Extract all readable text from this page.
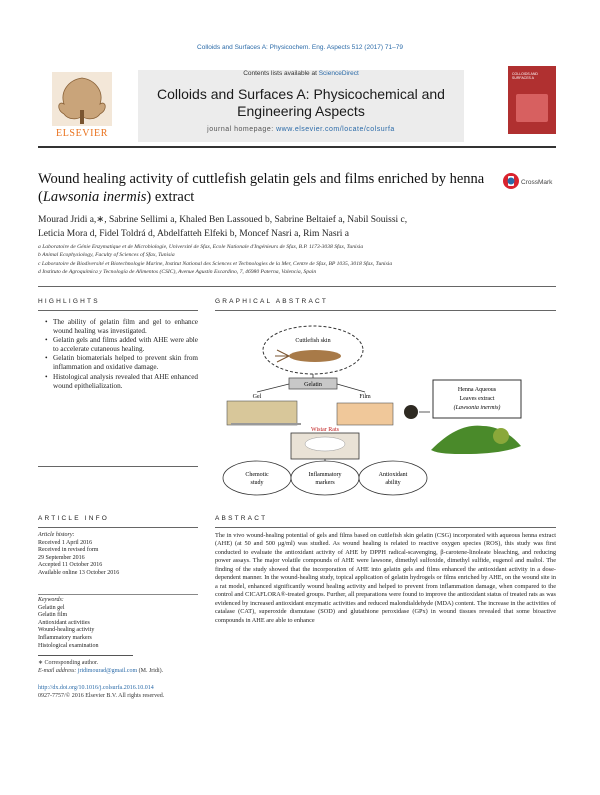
Colloids and Surfaces A: Physicochem. Eng. Aspects 512 (2017) 71–79
Contents lists available at ScienceDirect
Colloids and Surfaces A: Physicochemical and Engineering Aspects
journal homepage: www.elsevier.com/locate/colsurfa
ELSEVIER
COLLOIDS AND SURFACES A
Wound healing activity of cuttlefish gelatin gels and films enriched by henna (Lawsonia inermis) extract
CrossMark
Mourad Jridi a,∗, Sabrine Sellimi a, Khaled Ben Lassoued b, Sabrine Beltaief a, Nabil Souissi c,
Leticia Mora d, Fidel Toldrá d, Abdelfatteh Elfeki b, Moncef Nasri a, Rim Nasri a
a Laboratoire de Génie Enzymatique et de Microbiologie, Université de Sfax, Ecole Nationale d'Ingénieurs de Sfax, B.P. 1173-3038 Sfax, Tunisia
b Animal Ecophysiology, Faculty of Sciences of Sfax, Tunisia
c Laboratoire de Biodiversité et Biotechnologie Marine, Institut National des Sciences et Technologies de la Mer, Centre de Sfax, BP 1035, 3018 Sfax, Tunisia
d Instituto de Agroquímica y Tecnología de Alimentos (CSIC), Avenue Agustín Escardino, 7, 46980 Paterna, Valencia, Spain
HIGHLIGHTS
• The ability of gelatin film and gel to enhance wound healing was investigated.
• Gelatin gels and films added with AHE were able to accelerate cutaneous healing.
• Gelatin biomaterials helped to prevent skin from inflammation and oxidative damage.
• Histological analysis revealed that AHE enhanced wound epithelialization.
GRAPHICAL ABSTRACT
Cuttlefish skin
Gelatin
Gel	Film
Henna Aqueous
Leaves extract
(Lawsonia inermis)
Wistar Rats
Chemotic
study
Inflammatory
markers
Antioxidant
ability
ARTICLE INFO
Article history:
Received 1 April 2016
Received in revised form
29 September 2016
Accepted 11 October 2016
Available online 13 October 2016
Keywords:
Gelatin gel
Gelatin film
Antioxidant activities
Wound-healing activity
Inflammatory markers
Histological examination
ABSTRACT
The in vivo wound-healing potential of gels and films based on cuttlefish skin gelatin (CSG) incorporated with aqueous henna extract (AHE) (at 50 and 500 μg/ml) was studied. As wound healing is related to reactive oxygen species (ROS), this study was first conducted to evaluate the antioxidant activity of AHE by DPPH radical-scavenging, β-carotene-linoleate bleaching, and reducing power assays. The major volatile compounds of AHE were lawsone, dimethyl sulfoxide, dimethyl sulfide, eugenol and maltol. The finding of the study showed that the incorporation of AHE into gelatin gels and films enhanced the antioxidant activity in a dose-dependent manner. In the wound-healing study, topical application of gelatin hydrogels or films enriched by AHE, on the wound site in a rat model, enhanced significantly wound healing activity and helped to prevent from inflammation damage, when compared to the control and CICAFLORA®-treated groups. Further, all preparations were found to improve the antioxidant status of treated rats as was evidenced by increased antioxidant enzymatic activities and reduced malondialdehyde (MDA) content. The increase in the activities of catalase (CAT), superoxide dismutase (SOD) and glutathione peroxidase (GPx) in wound tissues revealed that some bioactive compounds in AHE are able to enhance
∗ Corresponding author.
E-mail address: jridimourad@gmail.com (M. Jridi).
http://dx.doi.org/10.1016/j.colsurfa.2016.10.014
0927-7757/© 2016 Elsevier B.V. All rights reserved.
